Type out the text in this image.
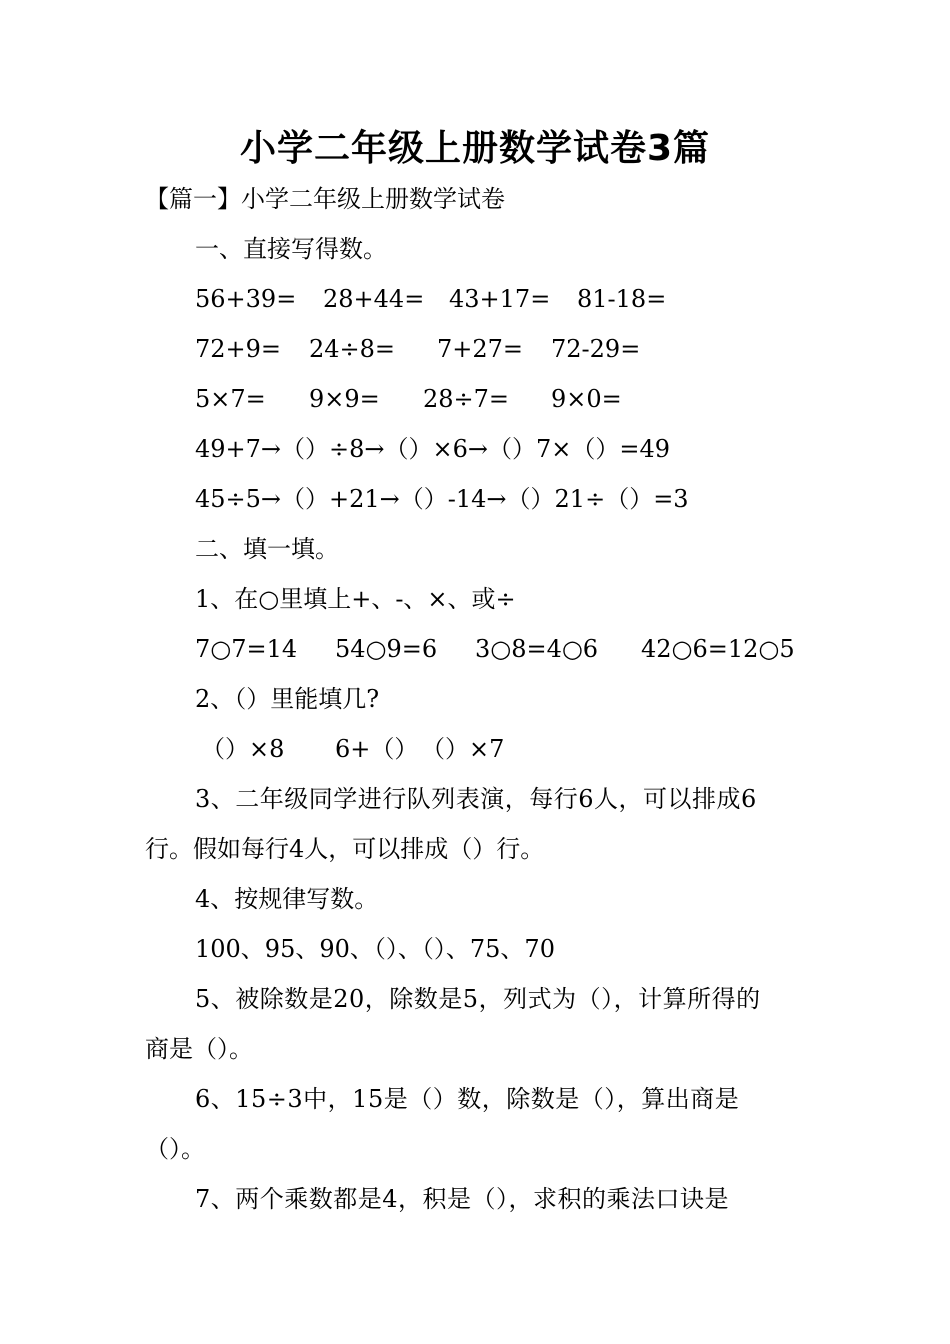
小学二年级上册数学试卷3篇
【篇一】小学二年级上册数学试卷
一、直接写得数。

56+39=

28+44=

43+17=

81-18=

72+9=

24÷8=

7+27=

72-29=

5×7=

9×9=

28÷7=

9×0=

49+7→（）÷8→（）×6→（）7×（）=49
45÷5→（）+21→（）-14→（）21÷（）=3
二、填一填。
1、在○里填上+、-、×、或÷

7○7=14

54○9=6

3○8=4○6

42○6=12○5

2、（）里能填几?

（）×8

6+（）

（）×7

3、二年级同学进行队列表演，每行6人，可以排成6
行。假如每行4人，可以排成（）行。
4、按规律写数。
100、95、90、（）、（）、75、70
5、被除数是20，除数是5，列式为（），计算所得的
商是（）。
6、15÷3中，15是（）数，除数是（），算出商是
（）。
7、两个乘数都是4，积是（），求积的乘法口诀是
